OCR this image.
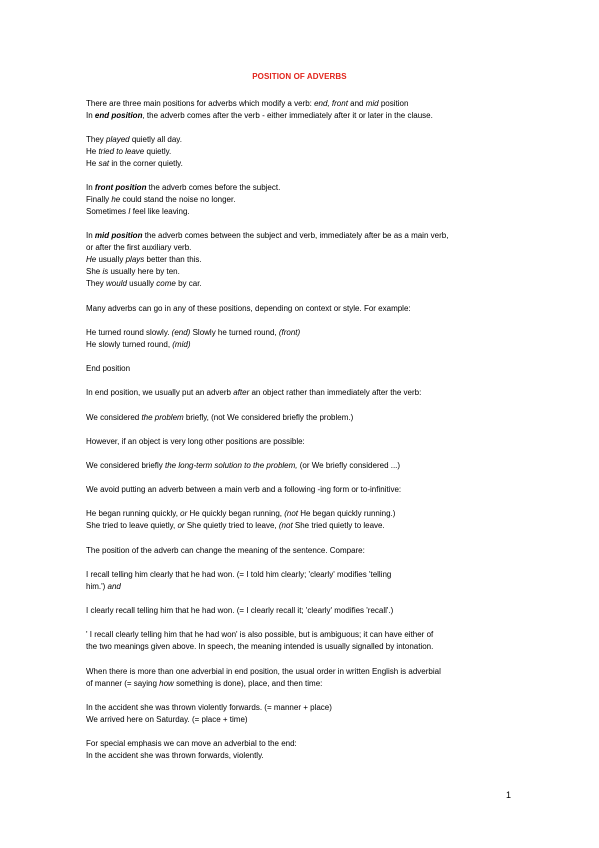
POSITION OF ADVERBS
There are three main positions for adverbs which modify a verb: end, front and mid position
In end position, the adverb comes after the verb - either immediately after it or later in the clause.
They played quietly all day.
He tried to leave quietly.
He sat in the corner quietly.
In front position the adverb comes before the subject.
Finally he could stand the noise no longer.
Sometimes I feel like leaving.
In mid position the adverb comes between the subject and verb, immediately after be as a main verb,
or after the first auxiliary verb.
He usually plays better than this.
She is usually here by ten.
They would usually come by car.
Many adverbs can go in any of these positions, depending on context or style. For example:
He turned round slowly. (end) Slowly he turned round, (front)
He slowly turned round, (mid)
End position
In end position, we usually put an adverb after an object rather than immediately after the verb:
We considered the problem briefly, (not We considered briefly the problem.)
However, if an object is very long other positions are possible:
We considered briefly the long-term solution to the problem, (or We briefly considered ...)
We avoid putting an adverb between a main verb and a following -ing form or to-infinitive:
He began running quickly, or He quickly began running, (not He began quickly running.)
She tried to leave quietly, or She quietly tried to leave, (not She tried quietly to leave.
The position of the adverb can change the meaning of the sentence. Compare:
I recall telling him clearly that he had won. (= I told him clearly; 'clearly' modifies 'telling
him.') and
I clearly recall telling him that he had won. (= I clearly recall it; 'clearly' modifies 'recall'.)
' I recall clearly telling him that he had won' is also possible, but is ambiguous; it can have either of
the two meanings given above. In speech, the meaning intended is usually signalled by intonation.
When there is more than one adverbial in end position, the usual order in written English is adverbial
of manner (= saying how something is done), place, and then time:
In the accident she was thrown violently forwards. (= manner + place)
We arrived here on Saturday. (= place + time)
For special emphasis we can move an adverbial to the end:
In the accident she was thrown forwards, violently.
1
